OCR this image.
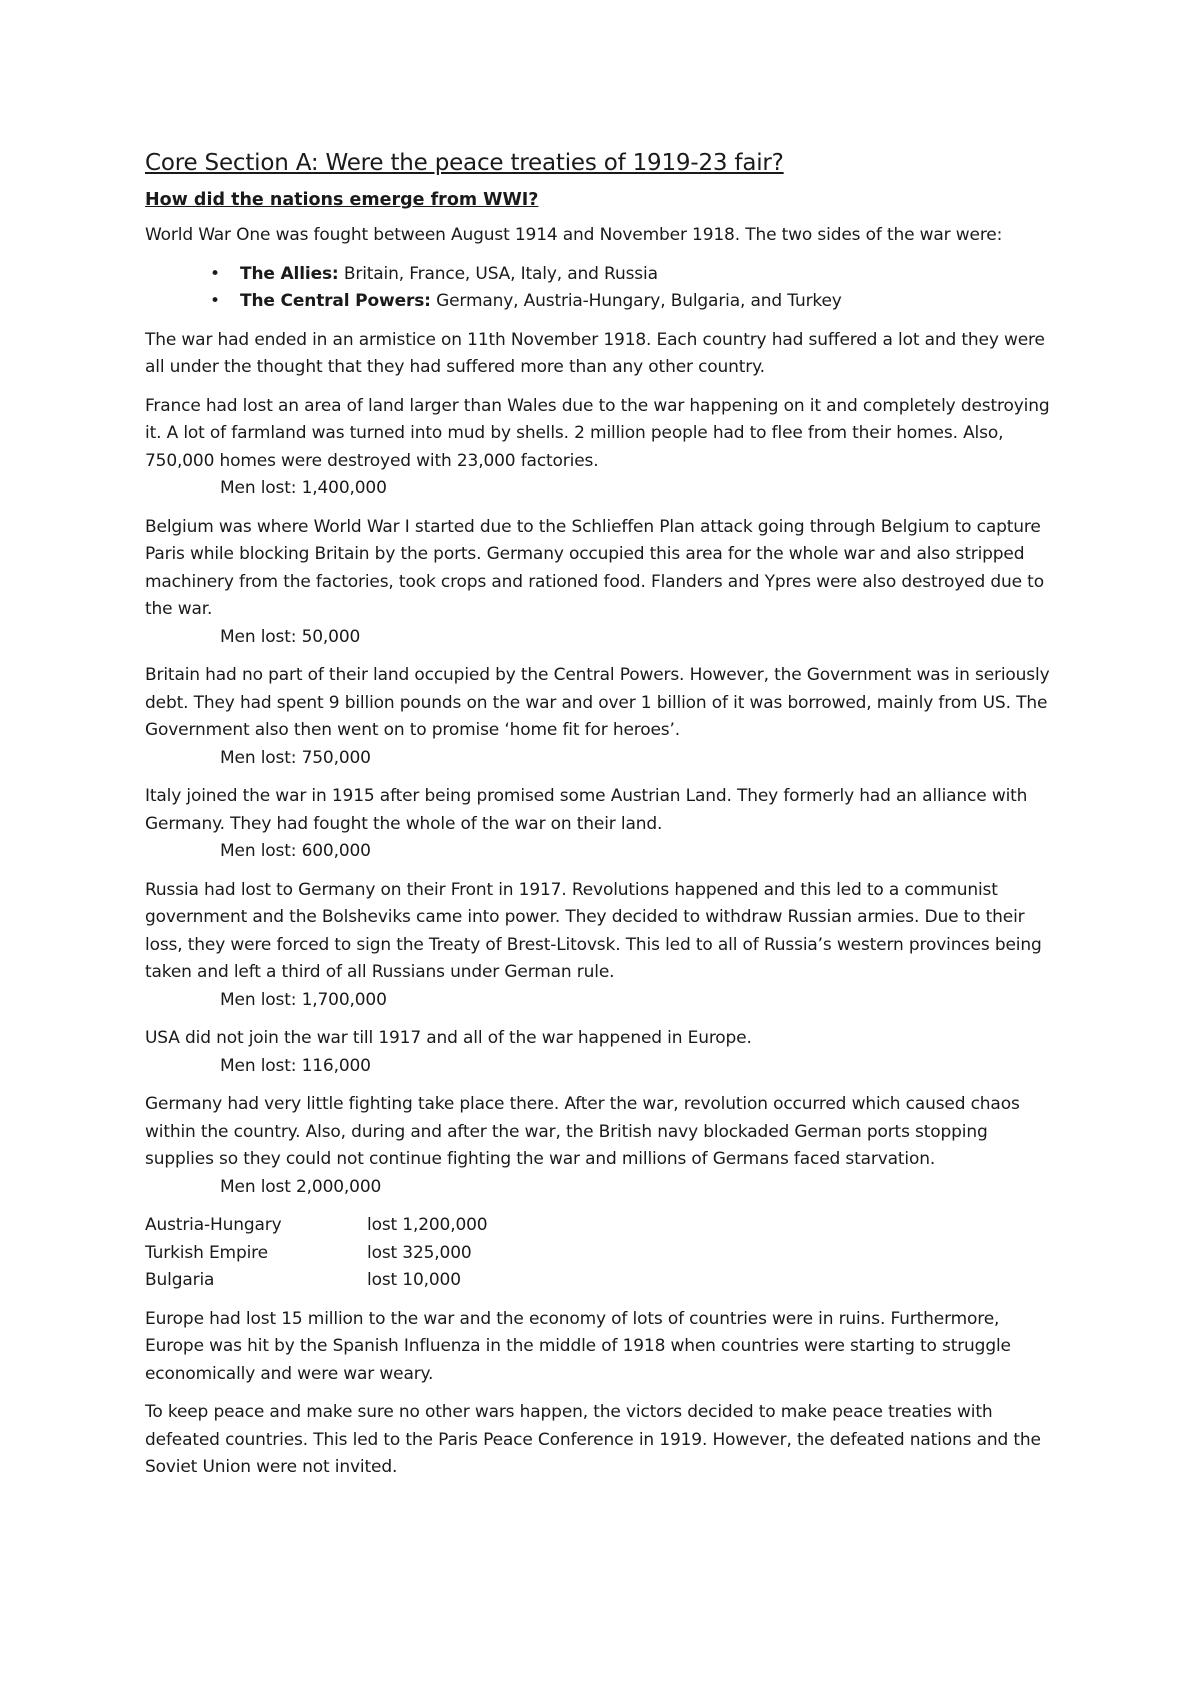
Core Section A: Were the peace treaties of 1919-23 fair?
How did the nations emerge from WWI?

World War One was fought between August 1914 and November 1918. The two sides of the war were:

• The Allies: Britain, France, USA, Italy, and Russia
• The Central Powers: Germany, Austria-Hungary, Bulgaria, and Turkey

The war had ended in an armistice on 11th November 1918. Each country had suffered a lot and they were all under the thought that they had suffered more than any other country.

France had lost an area of land larger than Wales due to the war happening on it and completely destroying it. A lot of farmland was turned into mud by shells. 2 million people had to flee from their homes. Also, 750,000 homes were destroyed with 23,000 factories.
Men lost: 1,400,000

Belgium was where World War I started due to the Schlieffen Plan attack going through Belgium to capture Paris while blocking Britain by the ports. Germany occupied this area for the whole war and also stripped machinery from the factories, took crops and rationed food. Flanders and Ypres were also destroyed due to the war.
Men lost: 50,000

Britain had no part of their land occupied by the Central Powers. However, the Government was in seriously debt. They had spent 9 billion pounds on the war and over 1 billion of it was borrowed, mainly from US. The Government also then went on to promise ‘home fit for heroes’.
Men lost: 750,000

Italy joined the war in 1915 after being promised some Austrian Land. They formerly had an alliance with Germany. They had fought the whole of the war on their land.
Men lost: 600,000

Russia had lost to Germany on their Front in 1917. Revolutions happened and this led to a communist government and the Bolsheviks came into power. They decided to withdraw Russian armies. Due to their loss, they were forced to sign the Treaty of Brest-Litovsk. This led to all of Russia’s western provinces being taken and left a third of all Russians under German rule.
Men lost: 1,700,000

USA did not join the war till 1917 and all of the war happened in Europe.
Men lost: 116,000

Germany had very little fighting take place there. After the war, revolution occurred which caused chaos within the country. Also, during and after the war, the British navy blockaded German ports stopping supplies so they could not continue fighting the war and millions of Germans faced starvation.
Men lost 2,000,000

Austria-Hungary	lost 1,200,000
Turkish Empire	lost 325,000
Bulgaria	lost 10,000

Europe had lost 15 million to the war and the economy of lots of countries were in ruins. Furthermore, Europe was hit by the Spanish Influenza in the middle of 1918 when countries were starting to struggle economically and were war weary.

To keep peace and make sure no other wars happen, the victors decided to make peace treaties with defeated countries. This led to the Paris Peace Conference in 1919. However, the defeated nations and the Soviet Union were not invited.
